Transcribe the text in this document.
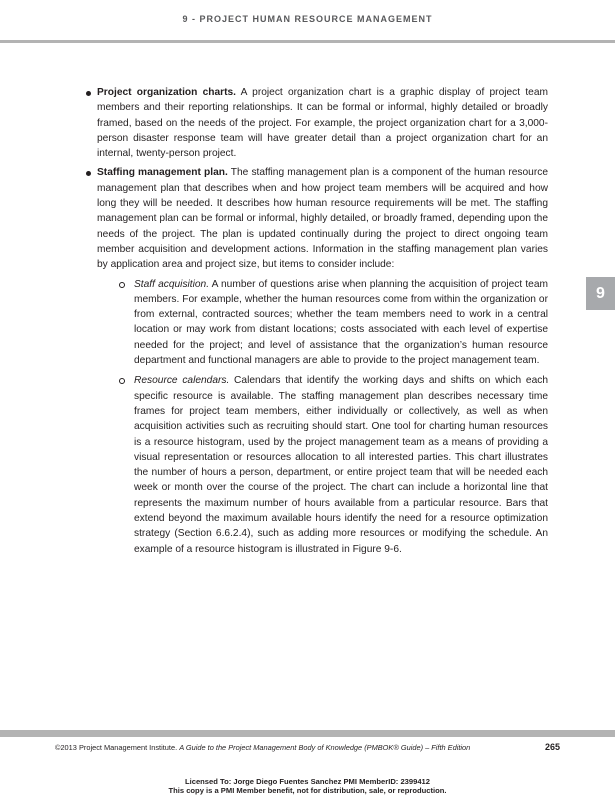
9 - PROJECT HUMAN RESOURCE MANAGEMENT
9
Project organization charts. A project organization chart is a graphic display of project team members and their reporting relationships. It can be formal or informal, highly detailed or broadly framed, based on the needs of the project. For example, the project organization chart for a 3,000-person disaster response team will have greater detail than a project organization chart for an internal, twenty-person project.
Staffing management plan. The staffing management plan is a component of the human resource management plan that describes when and how project team members will be acquired and how long they will be needed. It describes how human resource requirements will be met. The staffing management plan can be formal or informal, highly detailed, or broadly framed, depending upon the needs of the project. The plan is updated continually during the project to direct ongoing team member acquisition and development actions. Information in the staffing management plan varies by application area and project size, but items to consider include:
Staff acquisition. A number of questions arise when planning the acquisition of project team members. For example, whether the human resources come from within the organization or from external, contracted sources; whether the team members need to work in a central location or may work from distant locations; costs associated with each level of expertise needed for the project; and level of assistance that the organization’s human resource department and functional managers are able to provide to the project management team.
Resource calendars. Calendars that identify the working days and shifts on which each specific resource is available. The staffing management plan describes necessary time frames for project team members, either individually or collectively, as well as when acquisition activities such as recruiting should start. One tool for charting human resources is a resource histogram, used by the project management team as a means of providing a visual representation or resources allocation to all interested parties. This chart illustrates the number of hours a person, department, or entire project team that will be needed each week or month over the course of the project. The chart can include a horizontal line that represents the maximum number of hours available from a particular resource. Bars that extend beyond the maximum available hours identify the need for a resource optimization strategy (Section 6.6.2.4), such as adding more resources or modifying the schedule. An example of a resource histogram is illustrated in Figure 9-6.
©2013 Project Management Institute. A Guide to the Project Management Body of Knowledge (PMBOK® Guide) – Fifth Edition	265
Licensed To: Jorge Diego Fuentes Sanchez PMI MemberID: 2399412
This copy is a PMI Member benefit, not for distribution, sale, or reproduction.
